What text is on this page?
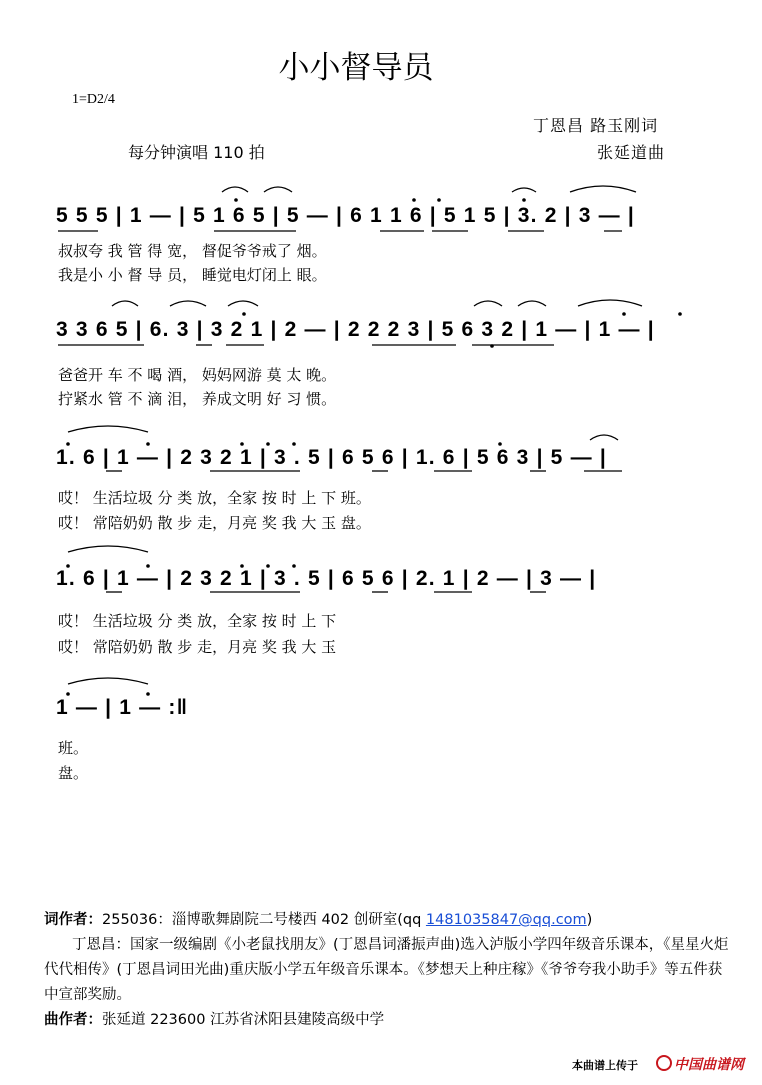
小小督导员
1=D2/4
丁恩昌 路玉刚词
每分钟演唱 110 拍	张延道曲
5 5 5 | 1 — | 5 1 6 5 | 5 — | 6 1 1 6 | 5 1 5 | 3. 2 | 3 — |
叔叔夸 我 管 得 宽， 督促爷爷戒了 烟。
我是小 小 督 导 员， 睡觉电灯闭上 眼。
3 3 6 5 | 6. 3 | 3 2 1 | 2 — | 2 2 2 3 | 5 6 3 2 | 1 — | 1 — |
爸爸开 车 不 喝 酒， 妈妈网游 莫 太 晚。
拧紧水 管 不 滴 泪， 养成文明 好 习 惯。
1. 6 | 1 — | 2 3 2 1 | 3 . 5 | 6 5 6 | 1. 6 | 5 6 3 | 5 — |
哎！ 生活垃圾 分 类 放，全家 按 时 上 下 班。
哎！ 常陪奶奶 散 步 走，月亮 奖 我 大 玉 盘。
1. 6 | 1 — | 2 3 2 1 | 3 . 5 | 6 5 6 | 2. 1 | 2 — | 3 — |
哎！ 生活垃圾 分 类 放，全家 按 时 上 下
哎！ 常陪奶奶 散 步 走，月亮 奖 我 大 玉
1 — | 1 — :‖
班。
盘。
词作者：255036：淄博歌舞剧院二号楼西 402 创研室(qq 1481035847@qq.com)
丁恩昌：国家一级编剧《小老鼠找朋友》(丁恩昌词潘振声曲)选入泸版小学四年级音乐课本，《星星火炬代代相传》(丁恩昌词田光曲)重庆版小学五年级音乐课本。《梦想天上种庄稼》《爷爷夸我小助手》等五件获中宣部奖励。
曲作者：张延道 223600 江苏省沭阳县建陵高级中学
本曲谱上传于	中国曲谱网
